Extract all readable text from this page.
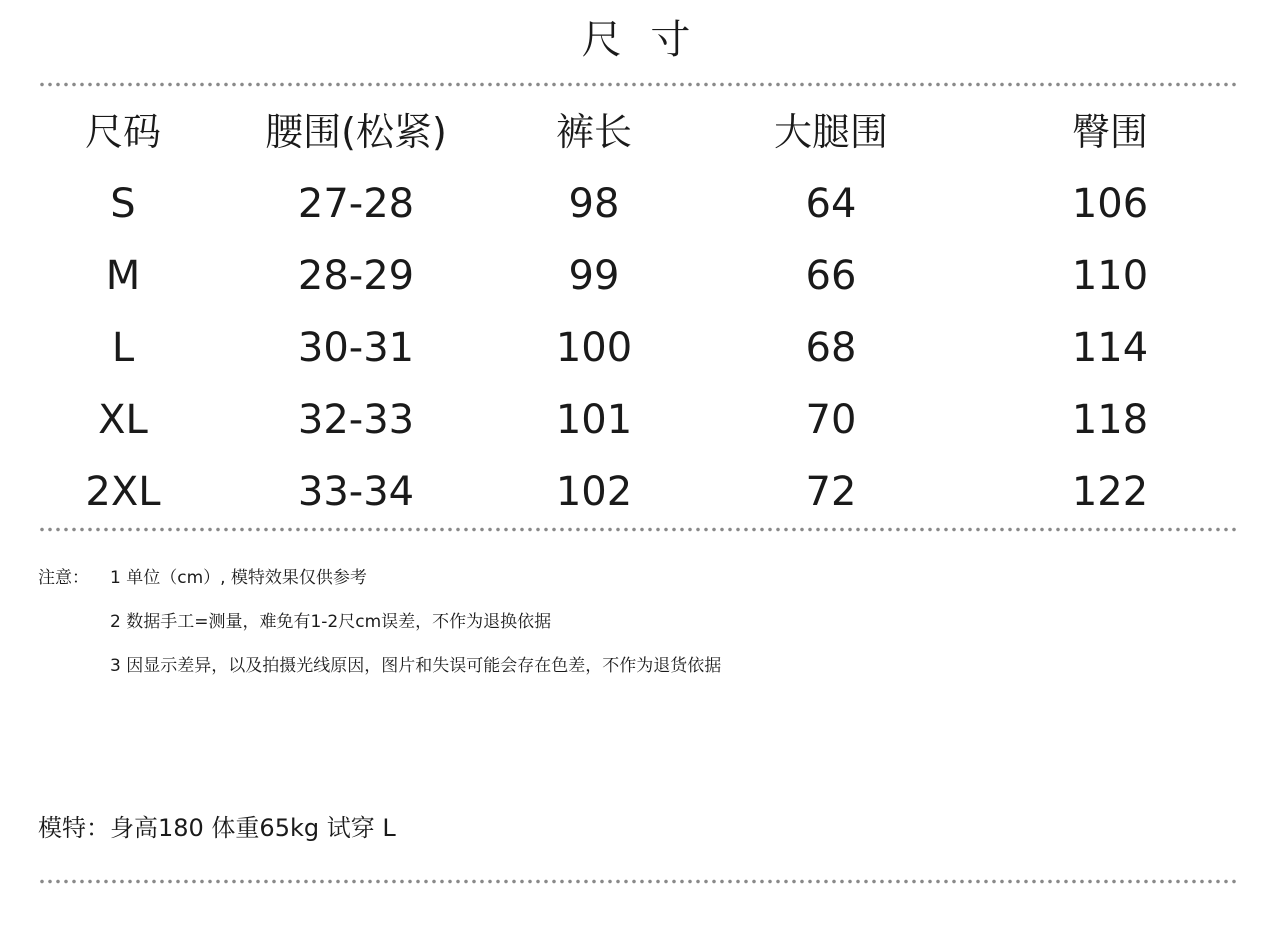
尺 寸
尺码	腰围(松紧)	裤长	大腿围	臀围
S	27-28	98	64	106
M	28-29	99	66	110
L	30-31	100	68	114
XL	32-33	101	70	118
2XL	33-34	102	72	122
注意： 1 单位（cm）, 模特效果仅供参考
2 数据手工=测量，难免有1-2尺cm误差，不作为退换依据
3 因显示差异，以及拍摄光线原因，图片和失误可能会存在色差，不作为退货依据
模特：身高180 体重65kg 试穿 L
